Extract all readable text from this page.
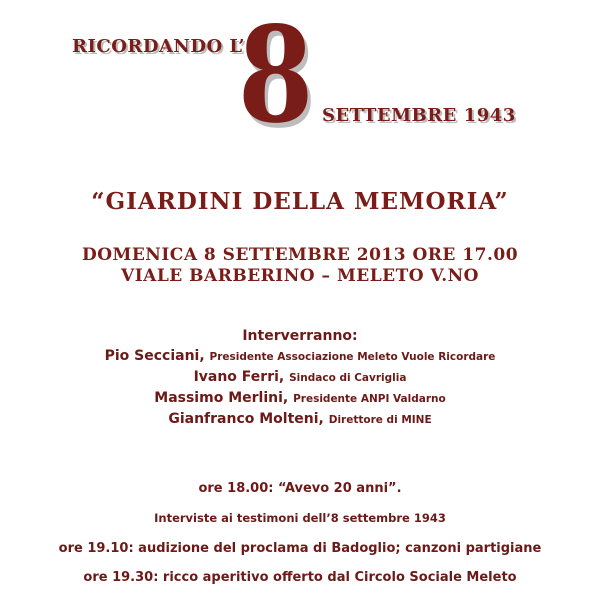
RICORDANDO L’
8 SETTEMBRE 1943
“GIARDINI DELLA MEMORIA”
DOMENICA 8 SETTEMBRE 2013 ORE 17.00
VIALE BARBERINO – MELETO V.NO
Interverranno:
Pio Secciani, Presidente Associazione Meleto Vuole Ricordare
Ivano Ferri, Sindaco di Cavriglia
Massimo Merlini, Presidente ANPI Valdarno
Gianfranco Molteni, Direttore di MINE
ore 18.00: “Avevo 20 anni”.
Interviste ai testimoni dell’8 settembre 1943
ore 19.10: audizione del proclama di Badoglio; canzoni partigiane
ore 19.30: ricco aperitivo offerto dal Circolo Sociale Meleto
